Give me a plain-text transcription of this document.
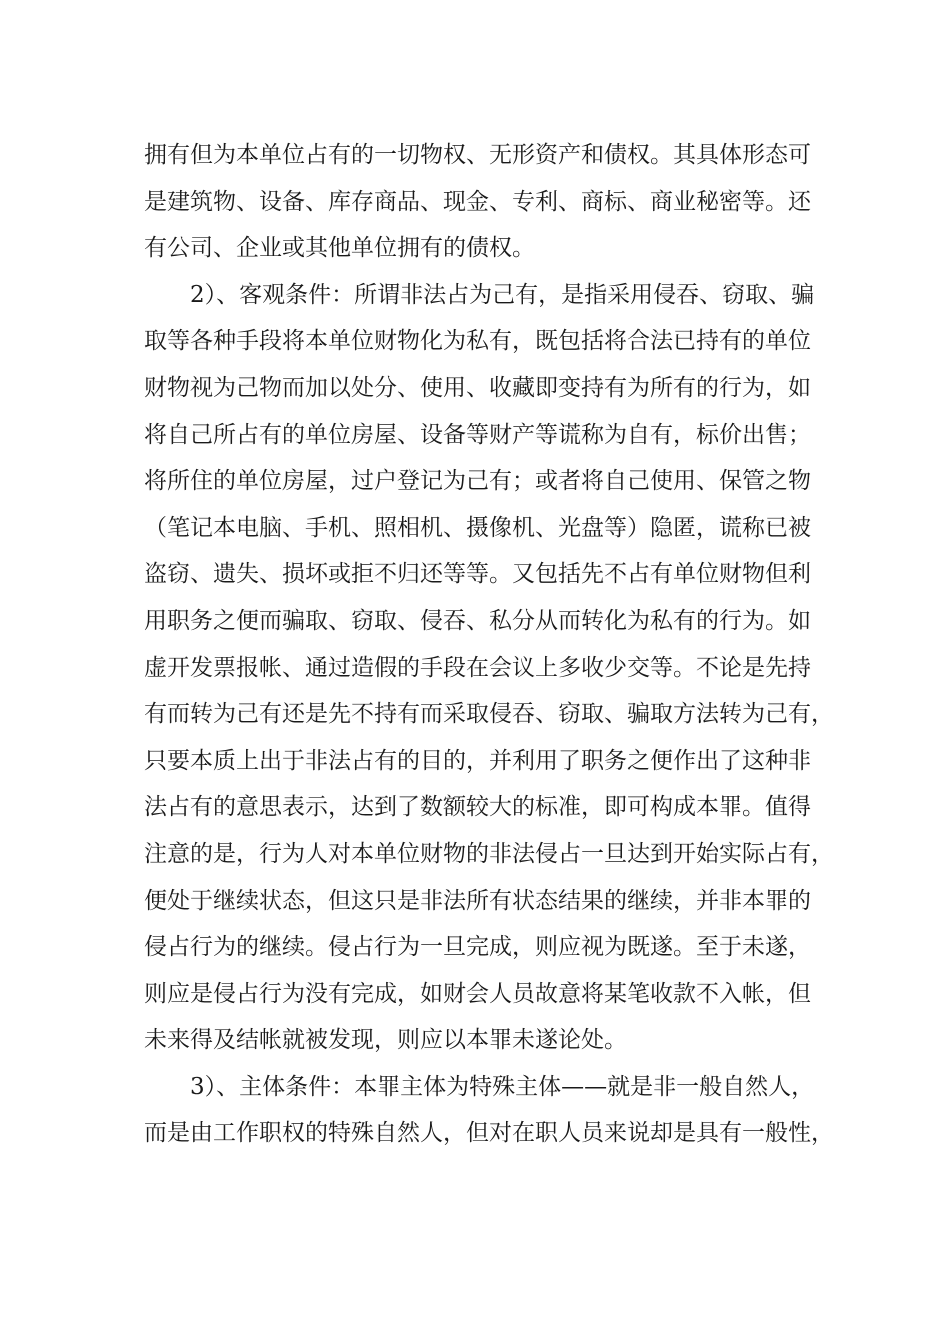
拥有但为本单位占有的一切物权、无形资产和债权。其具体形态可
是建筑物、设备、库存商品、现金、专利、商标、商业秘密等。还
有公司、企业或其他单位拥有的债权。
2）、客观条件：所谓非法占为己有，是指采用侵吞、窃取、骗
取等各种手段将本单位财物化为私有，既包括将合法已持有的单位
财物视为己物而加以处分、使用、收藏即变持有为所有的行为，如
将自己所占有的单位房屋、设备等财产等谎称为自有，标价出售；
将所住的单位房屋，过户登记为己有；或者将自己使用、保管之物
（笔记本电脑、手机、照相机、摄像机、光盘等）隐匿，谎称已被
盗窃、遗失、损坏或拒不归还等等。又包括先不占有单位财物但利
用职务之便而骗取、窃取、侵吞、私分从而转化为私有的行为。如
虚开发票报帐、通过造假的手段在会议上多收少交等。不论是先持
有而转为己有还是先不持有而采取侵吞、窃取、骗取方法转为己有，
只要本质上出于非法占有的目的，并利用了职务之便作出了这种非
法占有的意思表示，达到了数额较大的标准，即可构成本罪。值得
注意的是，行为人对本单位财物的非法侵占一旦达到开始实际占有，
便处于继续状态，但这只是非法所有状态结果的继续，并非本罪的
侵占行为的继续。侵占行为一旦完成，则应视为既遂。至于未遂，
则应是侵占行为没有完成，如财会人员故意将某笔收款不入帐，但
未来得及结帐就被发现，则应以本罪未遂论处。
3）、主体条件：本罪主体为特殊主体——就是非一般自然人，
而是由工作职权的特殊自然人，但对在职人员来说却是具有一般性，
